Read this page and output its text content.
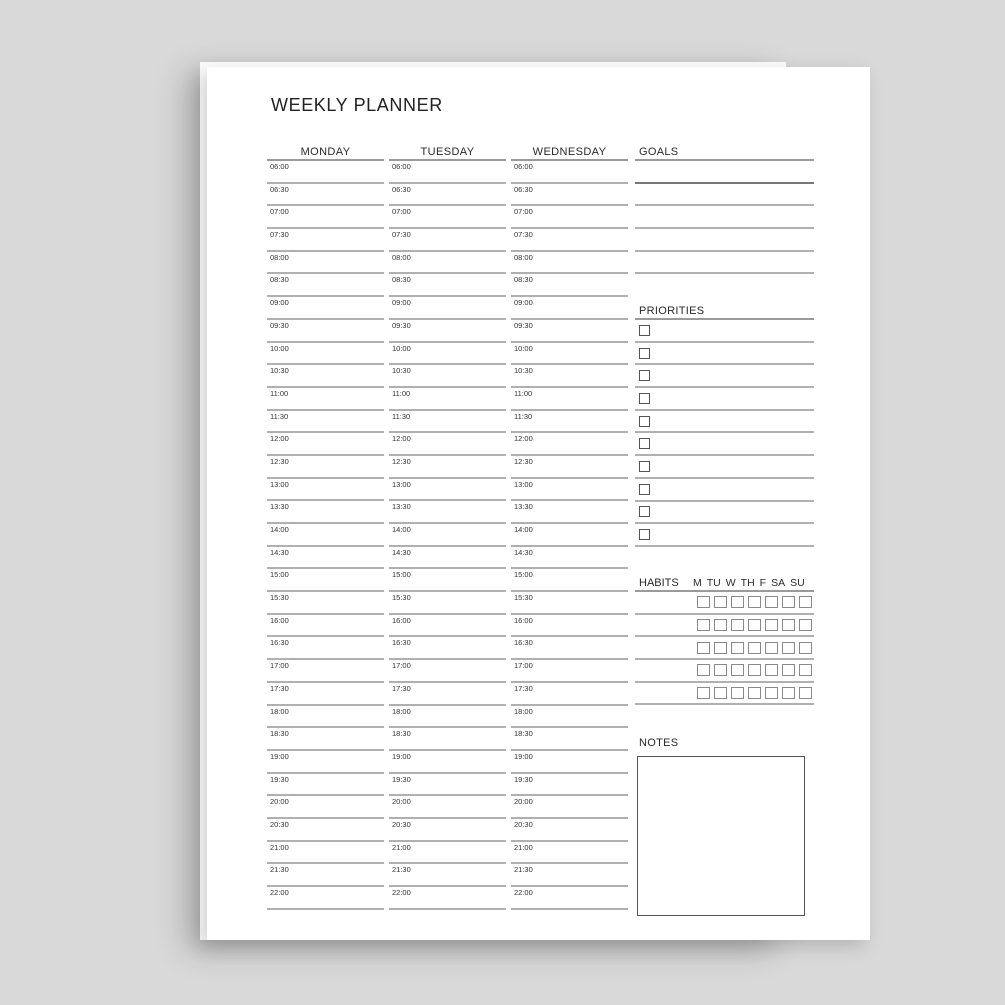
WEEKLY PLANNER
MONDAY
06:00
06:30
07:00
07:30
08:00
08:30
09:00
09:30
10:00
10:30
11:00
11:30
12:00
12:30
13:00
13:30
14:00
14:30
15:00
15:30
16:00
16:30
17:00
17:30
18:00
18:30
19:00
19:30
20:00
20:30
21:00
21:30
22:00
TUESDAY
06:00
06:30
07:00
07:30
08:00
08:30
09:00
09:30
10:00
10:30
11:00
11:30
12:00
12:30
13:00
13:30
14:00
14:30
15:00
15:30
16:00
16:30
17:00
17:30
18:00
18:30
19:00
19:30
20:00
20:30
21:00
21:30
22:00
WEDNESDAY
06:00
06:30
07:00
07:30
08:00
08:30
09:00
09:30
10:00
10:30
11:00
11:30
12:00
12:30
13:00
13:30
14:00
14:30
15:00
15:30
16:00
16:30
17:00
17:30
18:00
18:30
19:00
19:30
20:00
20:30
21:00
21:30
22:00
GOALS
PRIORITIES
HABITS	M TU W TH F SA SU
NOTES
